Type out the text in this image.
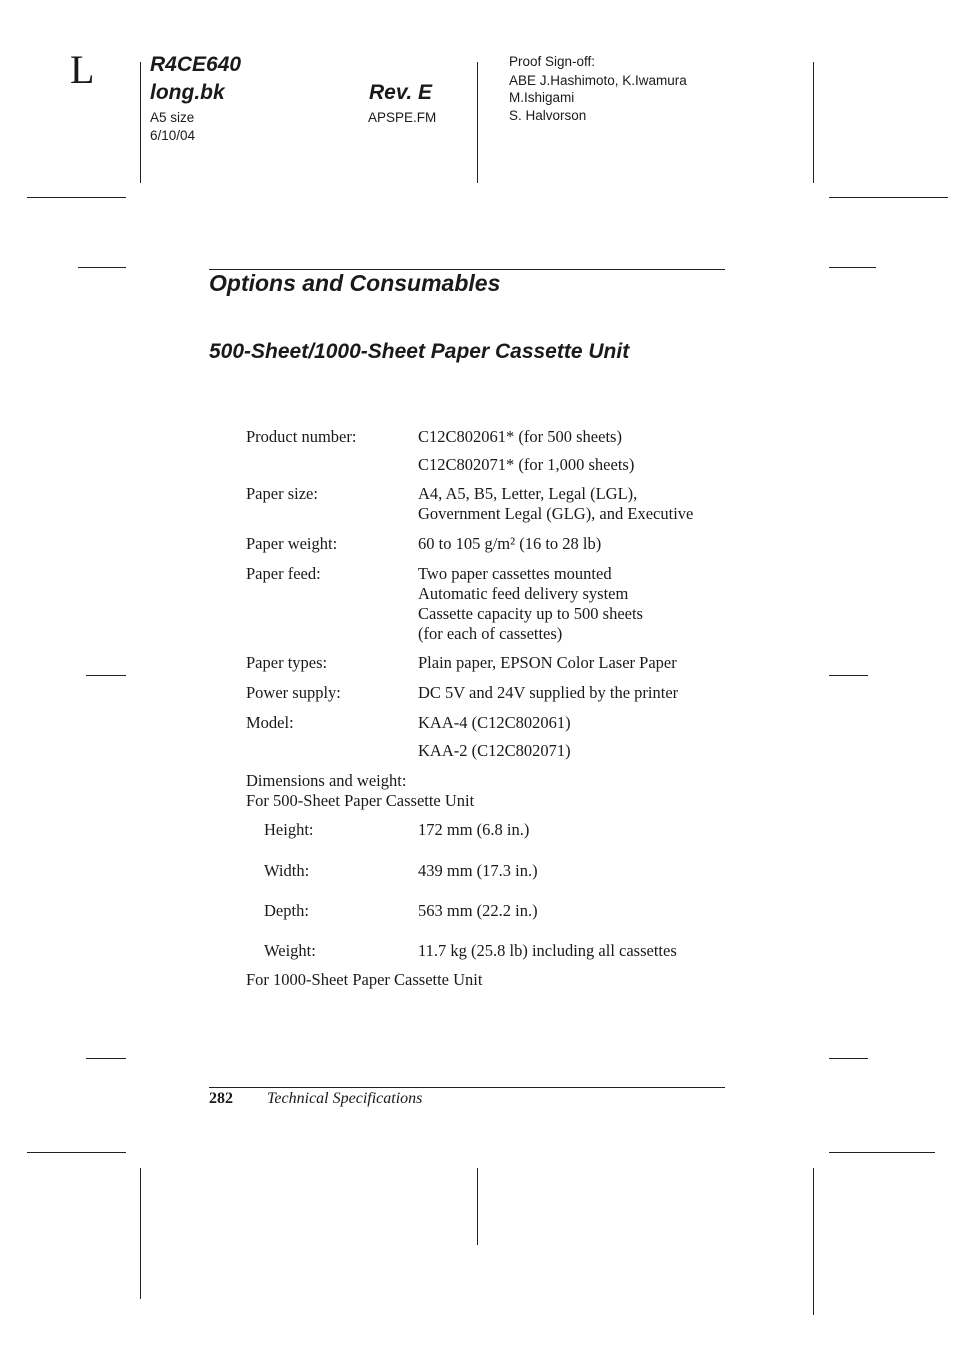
L	R4CE640
long.bk	Rev. E
A5 size
6/10/04
APSPE.FM
Proof Sign-off:
ABE J.Hashimoto, K.Iwamura
M.Ishigami
S. Halvorson
Options and Consumables
500-Sheet/1000-Sheet Paper Cassette Unit
Product number:	C12C802061* (for 500 sheets)
C12C802071* (for 1,000 sheets)
Paper size:	A4, A5, B5, Letter, Legal (LGL),
Government Legal (GLG), and Executive
Paper weight:	60 to 105 g/m² (16 to 28 lb)
Paper feed:	Two paper cassettes mounted
Automatic feed delivery system
Cassette capacity up to 500 sheets
(for each of cassettes)
Paper types:	Plain paper, EPSON Color Laser Paper
Power supply:	DC 5V and 24V supplied by the printer
Model:	KAA-4 (C12C802061)
KAA-2 (C12C802071)
Dimensions and weight:
For 500-Sheet Paper Cassette Unit
Height:	172 mm (6.8 in.)
Width:	439 mm (17.3 in.)
Depth:	563 mm (22.2 in.)
Weight:	11.7 kg (25.8 lb) including all cassettes
For 1000-Sheet Paper Cassette Unit
282 Technical Specifications
